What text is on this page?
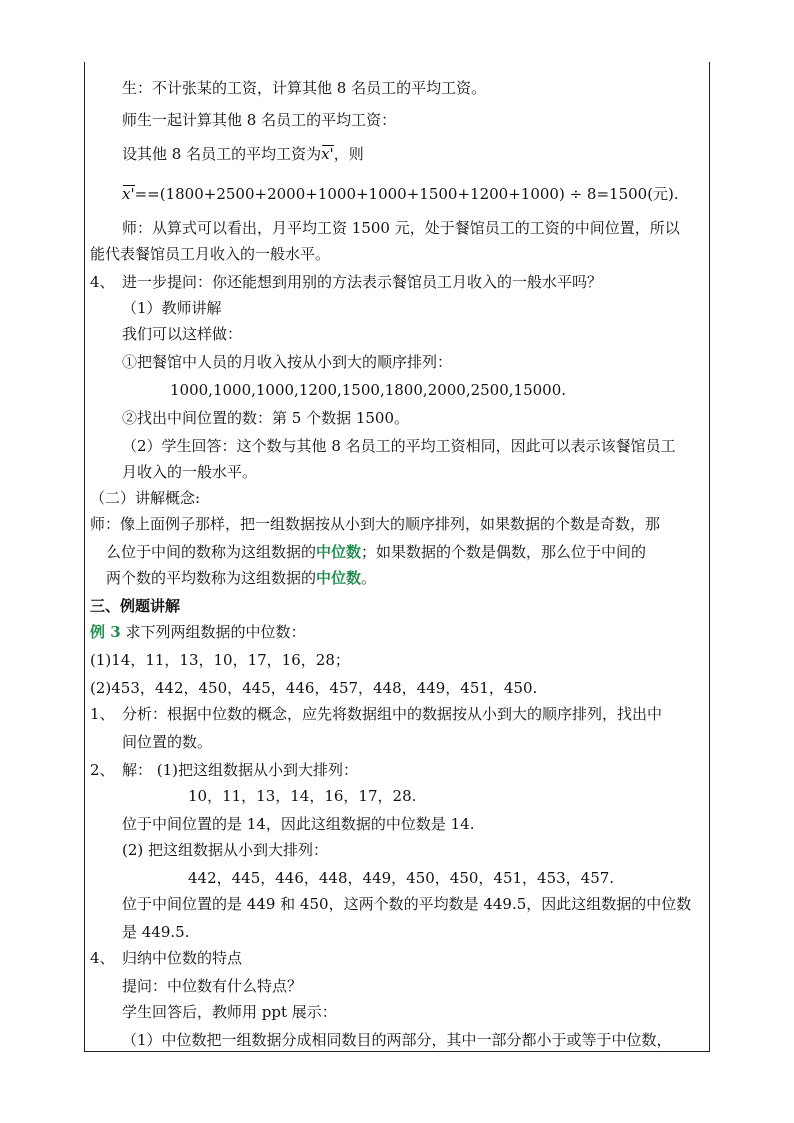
生：不计张某的工资，计算其他 8 名员工的平均工资。
师生一起计算其他 8 名员工的平均工资：
设其他 8 名员工的平均工资为x'，则
x'==(1800+2500+2000+1000+1000+1500+1200+1000) ÷ 8=1500(元).
师：从算式可以看出，月平均工资 1500 元，处于餐馆员工的工资的中间位置，所以
能代表餐馆员工月收入的一般水平。
4、 进一步提问：你还能想到用别的方法表示餐馆员工月收入的一般水平吗？
（1）教师讲解
我们可以这样做：
①把餐馆中人员的月收入按从小到大的顺序排列：
1000,1000,1000,1200,1500,1800,2000,2500,15000.
②找出中间位置的数：第 5 个数据 1500。
（2）学生回答：这个数与其他 8 名员工的平均工资相同，因此可以表示该餐馆员工
月收入的一般水平。
（二）讲解概念:
师：像上面例子那样，把一组数据按从小到大的顺序排列，如果数据的个数是奇数，那
么位于中间的数称为这组数据的中位数；如果数据的个数是偶数，那么位于中间的
两个数的平均数称为这组数据的中位数。
三、例题讲解
例 3 求下列两组数据的中位数：
(1)14，11，13，10，17，16，28；
(2)453，442，450，445，446，457，448，449，451，450.
1、 分析：根据中位数的概念，应先将数据组中的数据按从小到大的顺序排列，找出中
间位置的数。
2、 解： (1)把这组数据从小到大排列：
10，11，13，14，16，17，28.
位于中间位置的是 14，因此这组数据的中位数是 14.
(2) 把这组数据从小到大排列：
442，445，446，448，449，450，450，451，453，457.
位于中间位置的是 449 和 450，这两个数的平均数是 449.5，因此这组数据的中位数
是 449.5.
4、 归纳中位数的特点
提问：中位数有什么特点？
学生回答后，教师用 ppt 展示：
（1）中位数把一组数据分成相同数目的两部分，其中一部分都小于或等于中位数，
